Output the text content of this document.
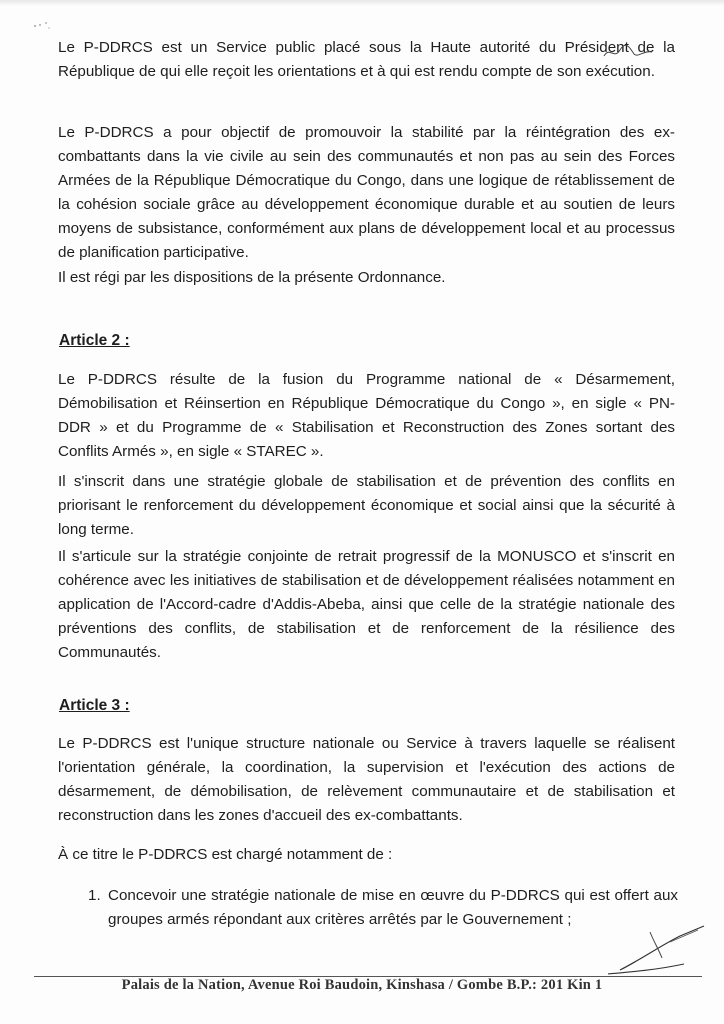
Le P-DDRCS est un Service public placé sous la Haute autorité du Président de la République de qui elle reçoit les orientations et à qui est rendu compte de son exécution.

Le P-DDRCS a pour objectif de promouvoir la stabilité par la réintégration des ex-combattants dans la vie civile au sein des communautés et non pas au sein des Forces Armées de la République Démocratique du Congo, dans une logique de rétablissement de la cohésion sociale grâce au développement économique durable et au soutien de leurs moyens de subsistance, conformément aux plans de développement local et au processus de planification participative.

Il est régi par les dispositions de la présente Ordonnance.

Article 2 :

Le P-DDRCS résulte de la fusion du Programme national de « Désarmement, Démobilisation et Réinsertion en République Démocratique du Congo », en sigle « PN-DDR » et du Programme de « Stabilisation et Reconstruction des Zones sortant des Conflits Armés », en sigle « STAREC ».

Il s'inscrit dans une stratégie globale de stabilisation et de prévention des conflits en priorisant le renforcement du développement économique et social ainsi que la sécurité à long terme.

Il s'articule sur la stratégie conjointe de retrait progressif de la MONUSCO et s'inscrit en cohérence avec les initiatives de stabilisation et de développement réalisées notamment en application de l'Accord-cadre d'Addis-Abeba, ainsi que celle de la stratégie nationale des préventions des conflits, de stabilisation et de renforcement de la résilience des Communautés.

Article 3 :

Le P-DDRCS est l'unique structure nationale ou Service à travers laquelle se réalisent l'orientation générale, la coordination, la supervision et l'exécution des actions de désarmement, de démobilisation, de relèvement communautaire et de stabilisation et reconstruction dans les zones d'accueil des ex-combattants.

À ce titre le P-DDRCS est chargé notamment de :

1. Concevoir une stratégie nationale de mise en œuvre du P-DDRCS qui est offert aux groupes armés répondant aux critères arrêtés par le Gouvernement ;
Palais de la Nation, Avenue Roi Baudoin, Kinshasa / Gombe B.P.: 201 Kin 1
